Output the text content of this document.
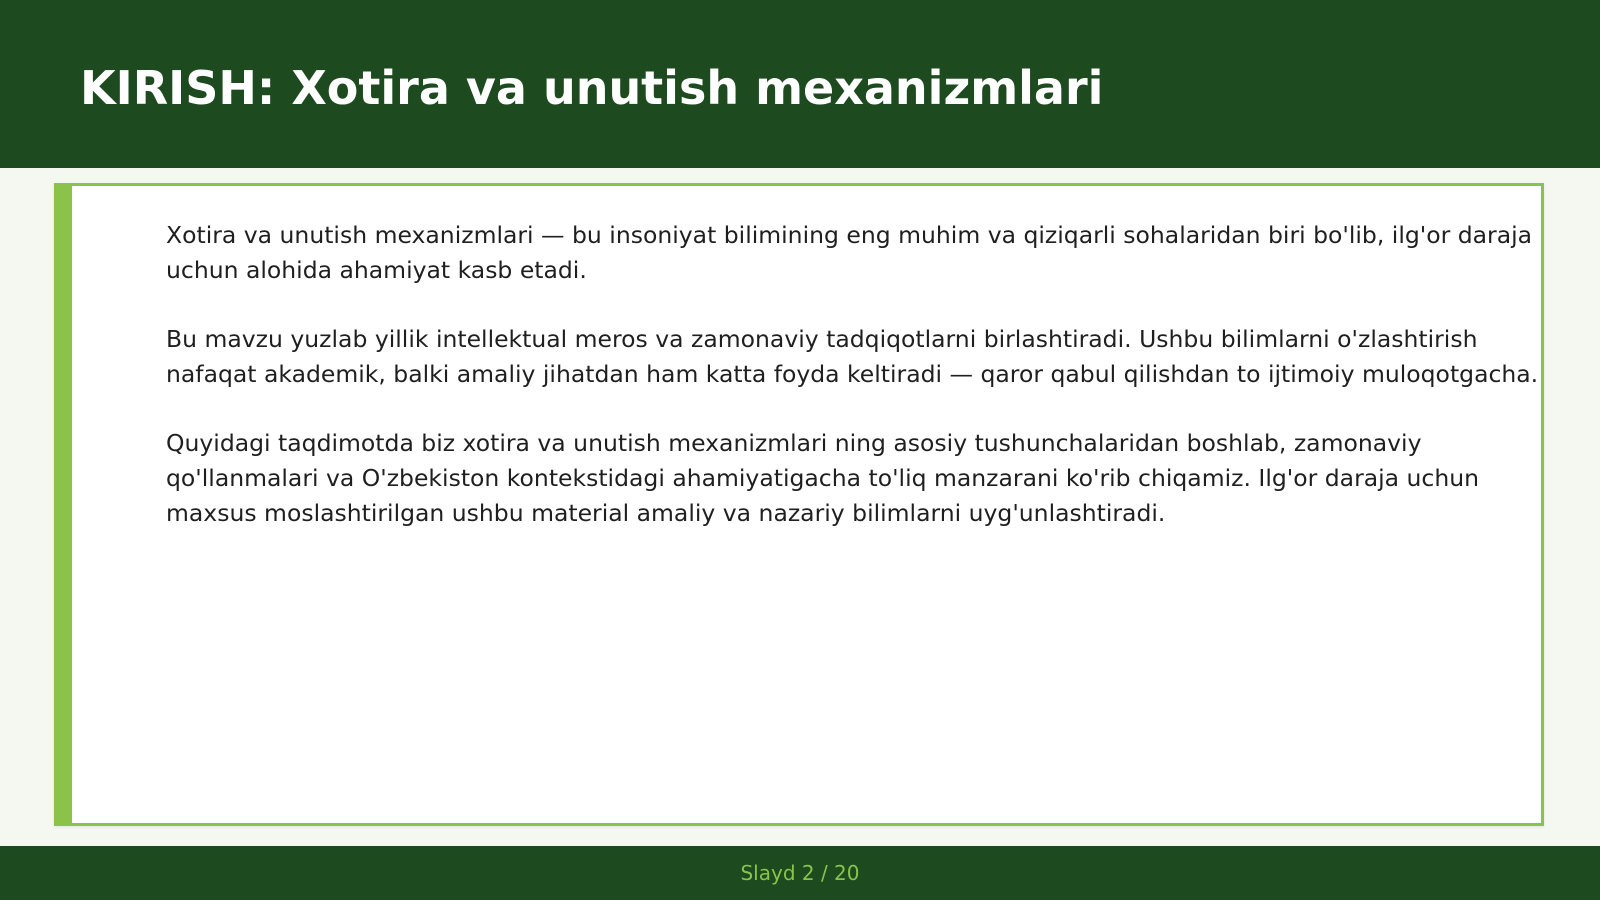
KIRISH: Xotira va unutish mexanizmlari

Xotira va unutish mexanizmlari — bu insoniyat bilimining eng muhim va qiziqarli sohalaridan biri bo'lib, ilg'or daraja uchun alohida ahamiyat kasb etadi.

Bu mavzu yuzlab yillik intellektual meros va zamonaviy tadqiqotlarni birlashtiradi. Ushbu bilimlarni o'zlashtirish nafaqat akademik, balki amaliy jihatdan ham katta foyda keltiradi — qaror qabul qilishdan to ijtimoiy muloqotgacha.

Quyidagi taqdimotda biz xotira va unutish mexanizmlari ning asosiy tushunchalaridan boshlab, zamonaviy qo'llanmalari va O'zbekiston kontekstidagi ahamiyatigacha to'liq manzarani ko'rib chiqamiz. Ilg'or daraja uchun maxsus moslashtirilgan ushbu material amaliy va nazariy bilimlarni uyg'unlashtiradi.

Slayd 2 / 20
